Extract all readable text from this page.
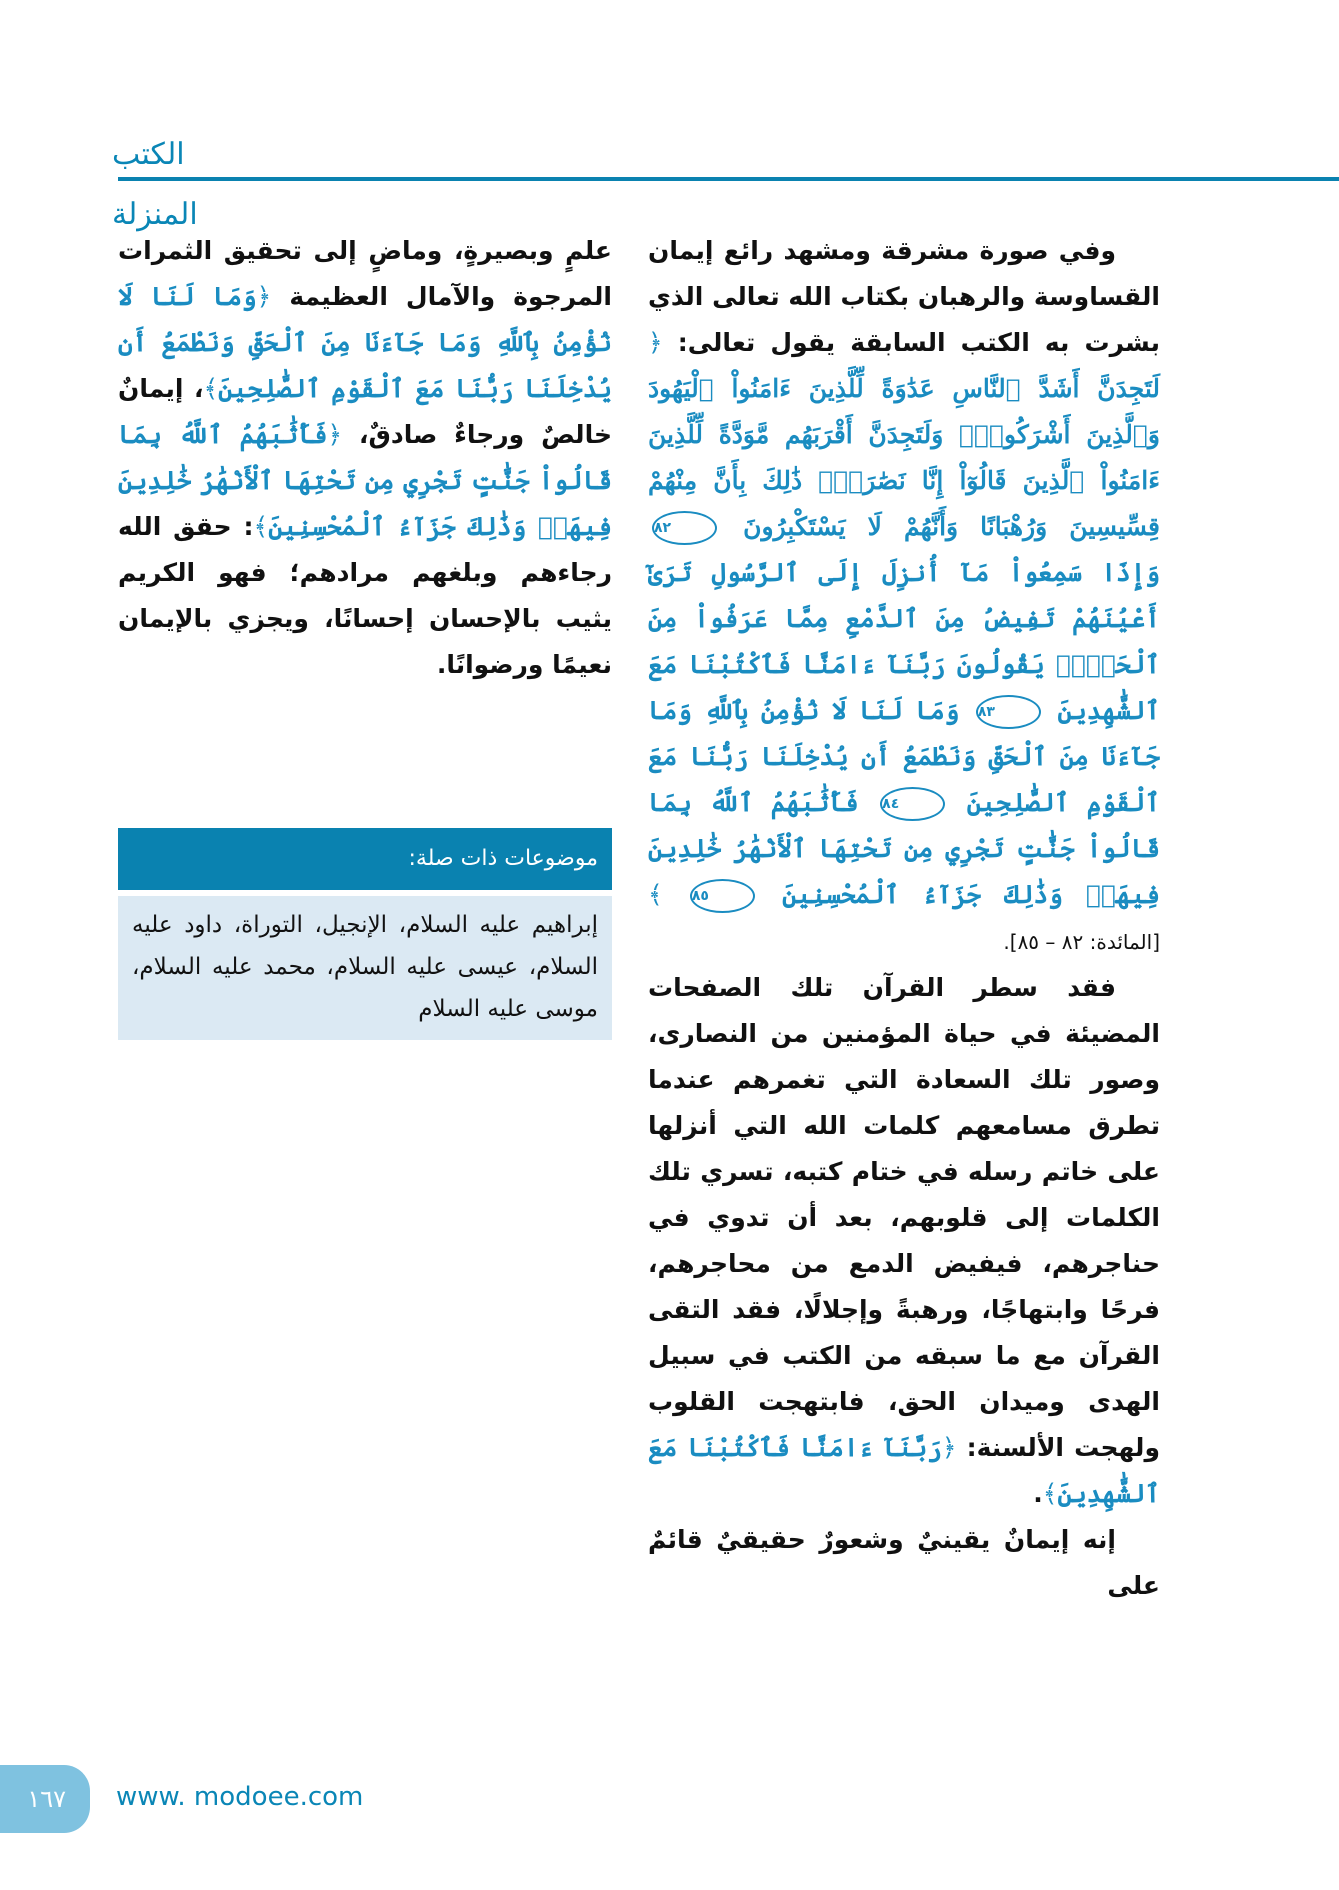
الكتب المنزلة

وفي صورة مشرقة ومشهد رائع إيمان القساوسة والرهبان بكتاب الله تعالى الذي بشرت به الكتب السابقة يقول تعالى: ﴿ لَتَجِدَنَّ أَشَدَّ ٱلنَّاسِ عَدَٰوَةً لِّلَّذِينَ ءَامَنُواْ ٱلْيَهُودَ وَٱلَّذِينَ أَشْرَكُواْۖ وَلَتَجِدَنَّ أَقْرَبَهُم مَّوَدَّةً لِّلَّذِينَ ءَامَنُواْ ٱلَّذِينَ قَالُوٓاْ إِنَّا نَصَٰرَىٰۚ ذَٰلِكَ بِأَنَّ مِنْهُمْ قِسِّيسِينَ وَرُهْبَانًا وَأَنَّهُمْ لَا يَسْتَكْبِرُونَ ٨٢ وَإِذَا سَمِعُواْ مَآ أُنزِلَ إِلَى ٱلرَّسُولِ تَرَىٰٓ أَعْيُنَهُمْ تَفِيضُ مِنَ ٱلدَّمْعِ مِمَّا عَرَفُواْ مِنَ ٱلْحَقِّۖ يَقُولُونَ رَبَّنَآ ءَامَنَّا فَٱكْتُبْنَا مَعَ ٱلشَّٰهِدِينَ ٨٣ وَمَا لَنَا لَا نُؤْمِنُ بِٱللَّهِ وَمَا جَآءَنَا مِنَ ٱلْحَقِّ وَنَطْمَعُ أَن يُدْخِلَنَا رَبُّنَا مَعَ ٱلْقَوْمِ ٱلصَّٰلِحِينَ ٨٤ فَأَثَٰبَهُمُ ٱللَّهُ بِمَا قَالُواْ جَنَّٰتٍ تَجْرِي مِن تَحْتِهَا ٱلْأَنْهَٰرُ خَٰلِدِينَ فِيهَاۚ وَذَٰلِكَ جَزَآءُ ٱلْمُحْسِنِينَ ٨٥ ﴾ [المائدة: ٨٢ – ٨٥].

فقد سطر القرآن تلك الصفحات المضيئة في حياة المؤمنين من النصارى، وصور تلك السعادة التي تغمرهم عندما تطرق مسامعهم كلمات الله التي أنزلها على خاتم رسله في ختام كتبه، تسري تلك الكلمات إلى قلوبهم، بعد أن تدوي في حناجرهم، فيفيض الدمع من محاجرهم، فرحًا وابتهاجًا، ورهبةً وإجلالًا، فقد التقى القرآن مع ما سبقه من الكتب في سبيل الهدى وميدان الحق، فابتهجت القلوب ولهجت الألسنة: ﴿رَبَّنَآ ءَامَنَّا فَٱكْتُبْنَا مَعَ ٱلشَّٰهِدِينَ﴾.

إنه إيمانٌ يقينيٌ وشعورٌ حقيقيٌ قائمٌ على

علمٍ وبصيرةٍ، وماضٍ إلى تحقيق الثمرات المرجوة والآمال العظيمة ﴿وَمَا لَنَا لَا نُؤْمِنُ بِٱللَّهِ وَمَا جَآءَنَا مِنَ ٱلْحَقِّ وَنَطْمَعُ أَن يُدْخِلَنَا رَبُّنَا مَعَ ٱلْقَوْمِ ٱلصَّٰلِحِينَ﴾، إيمانٌ خالصٌ ورجاءٌ صادقٌ، ﴿فَأَثَٰبَهُمُ ٱللَّهُ بِمَا قَالُواْ جَنَّٰتٍ تَجْرِي مِن تَحْتِهَا ٱلْأَنْهَٰرُ خَٰلِدِينَ فِيهَاۚ وَذَٰلِكَ جَزَآءُ ٱلْمُحْسِنِينَ﴾: حقق الله رجاءهم وبلغهم مرادهم؛ فهو الكريم يثيب بالإحسان إحسانًا، ويجزي بالإيمان نعيمًا ورضوانًا.

موضوعات ذات صلة:
إبراهيم عليه السلام، الإنجيل، التوراة، داود عليه السلام، عيسى عليه السلام، محمد عليه السلام، موسى عليه السلام
١٦٧	www. modoee.com
